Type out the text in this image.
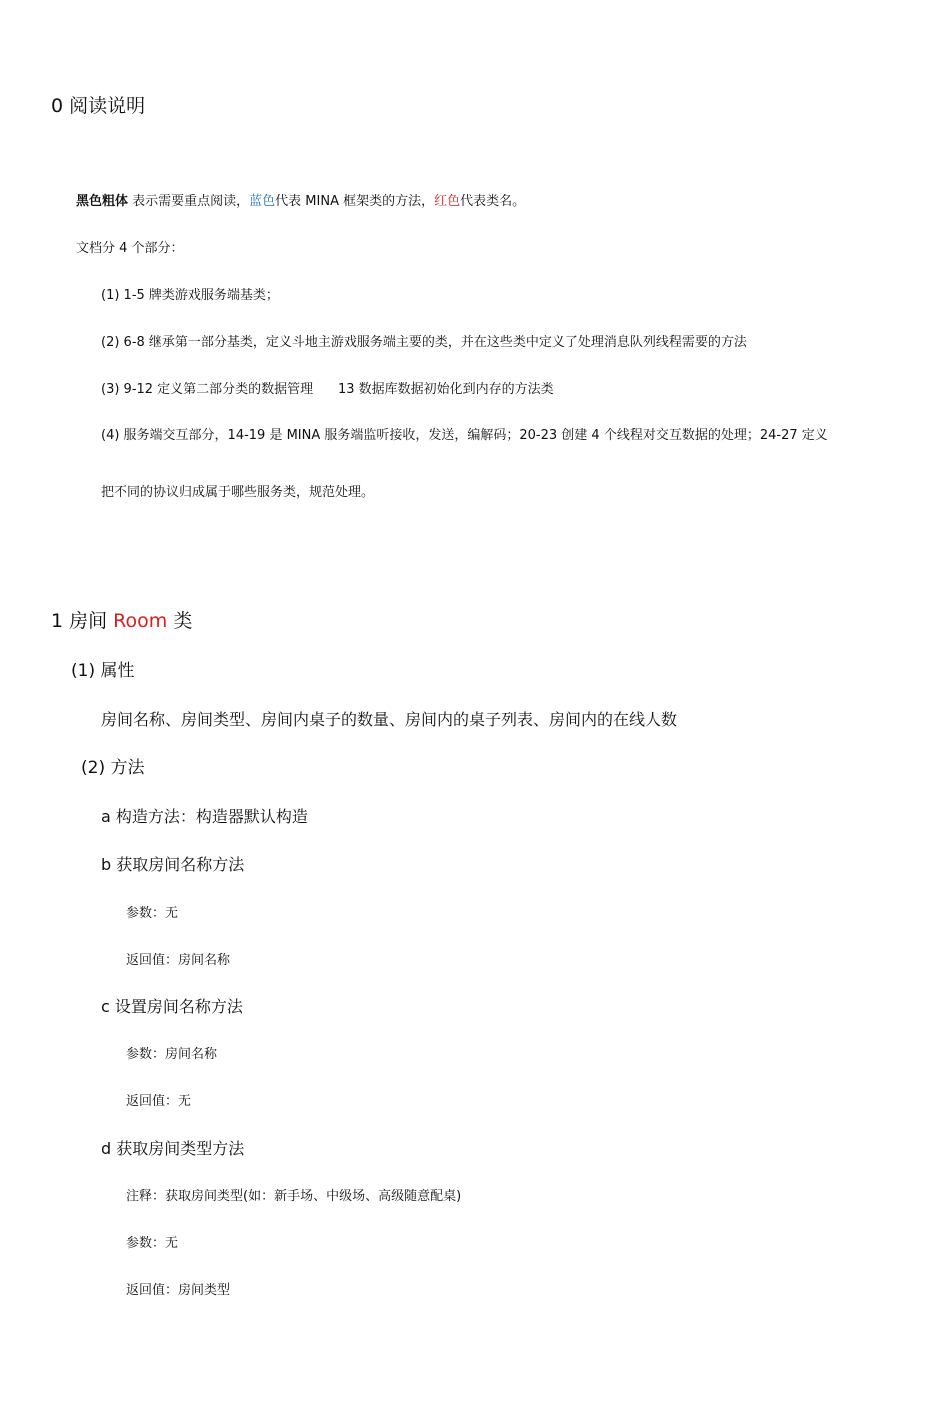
0 阅读说明
黑色粗体 表示需要重点阅读，蓝色代表 MINA 框架类的方法，红色代表类名。
文档分 4 个部分：
(1) 1-5 牌类游戏服务端基类；
(2) 6-8 继承第一部分基类，定义斗地主游戏服务端主要的类，并在这些类中定义了处理消息队列线程需要的方法
(3) 9-12 定义第二部分类的数据管理      13 数据库数据初始化到内存的方法类
(4) 服务端交互部分，14-19 是 MINA 服务端监听接收，发送，编解码；20-23 创建 4 个线程对交互数据的处理；24-27 定义
把不同的协议归成属于哪些服务类，规范处理。
1 房间 Room 类
(1) 属性
房间名称、房间类型、房间内桌子的数量、房间内的桌子列表、房间内的在线人数
(2) 方法
a 构造方法：构造器默认构造
b 获取房间名称方法
参数：无
返回值：房间名称
c 设置房间名称方法
参数：房间名称
返回值：无
d 获取房间类型方法
注释：获取房间类型(如：新手场、中级场、高级随意配桌)
参数：无
返回值：房间类型
